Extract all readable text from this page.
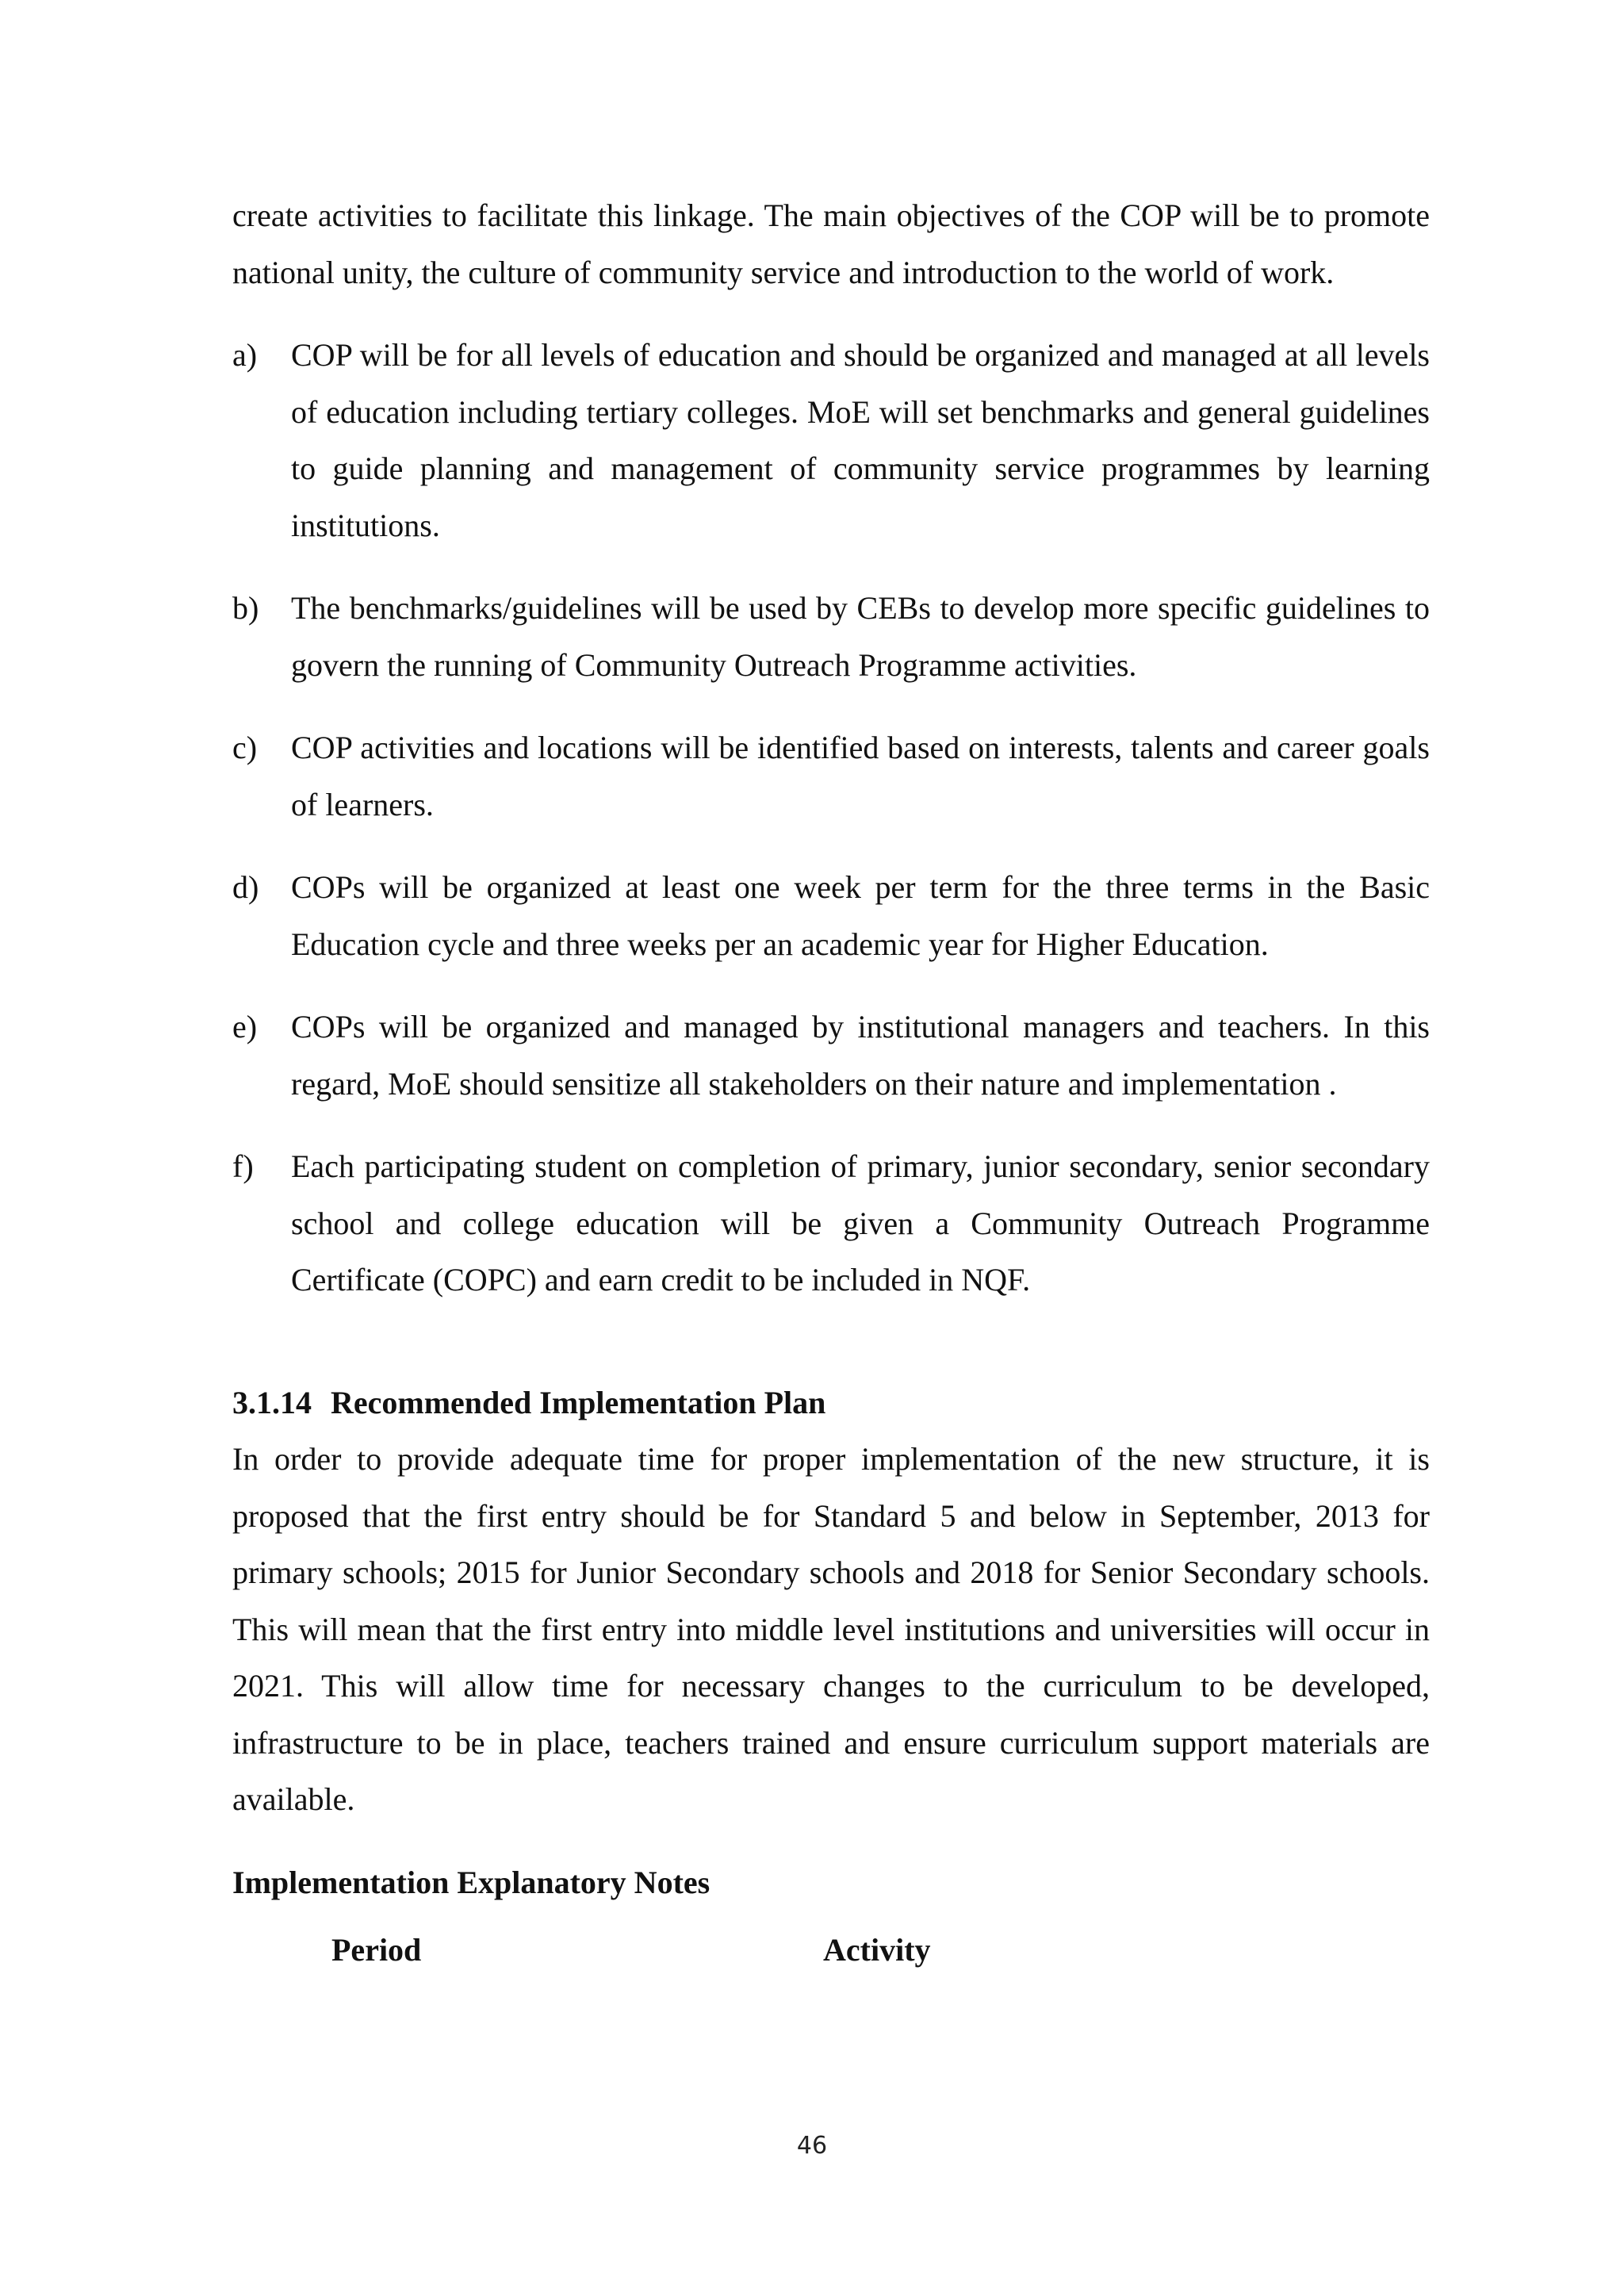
create activities to facilitate this linkage. The main objectives of the COP will be to promote national unity, the culture of community service and introduction to the world of work.

a) COP will be for all levels of education and should be organized and managed at all levels of education including tertiary colleges. MoE will set benchmarks and general guidelines to guide planning and management of community service programmes by learning institutions.
b) The benchmarks/guidelines will be used by CEBs to develop more specific guidelines to govern the running of Community Outreach Programme activities.
c) COP activities and locations will be identified based on interests, talents and career goals of learners.
d) COPs will be organized at least one week per term for the three terms in the Basic Education cycle and three weeks per an academic year for Higher Education.
e) COPs will be organized and managed by institutional managers and teachers. In this regard, MoE should sensitize all stakeholders on their nature and implementation .
f) Each participating student on completion of primary, junior secondary, senior secondary school and college education will be given a Community Outreach Programme Certificate (COPC) and earn credit to be included in NQF.
3.1.14 Recommended Implementation Plan

In order to provide adequate time for proper implementation of the new structure, it is proposed that the first entry should be for Standard 5 and below in September, 2013 for primary schools; 2015 for Junior Secondary schools and 2018 for Senior Secondary schools. This will mean that the first entry into middle level institutions and universities will occur in 2021. This will allow time for necessary changes to the curriculum to be developed, infrastructure to be in place, teachers trained and ensure curriculum support materials are available.

Implementation Explanatory Notes
Period	Activity
46
